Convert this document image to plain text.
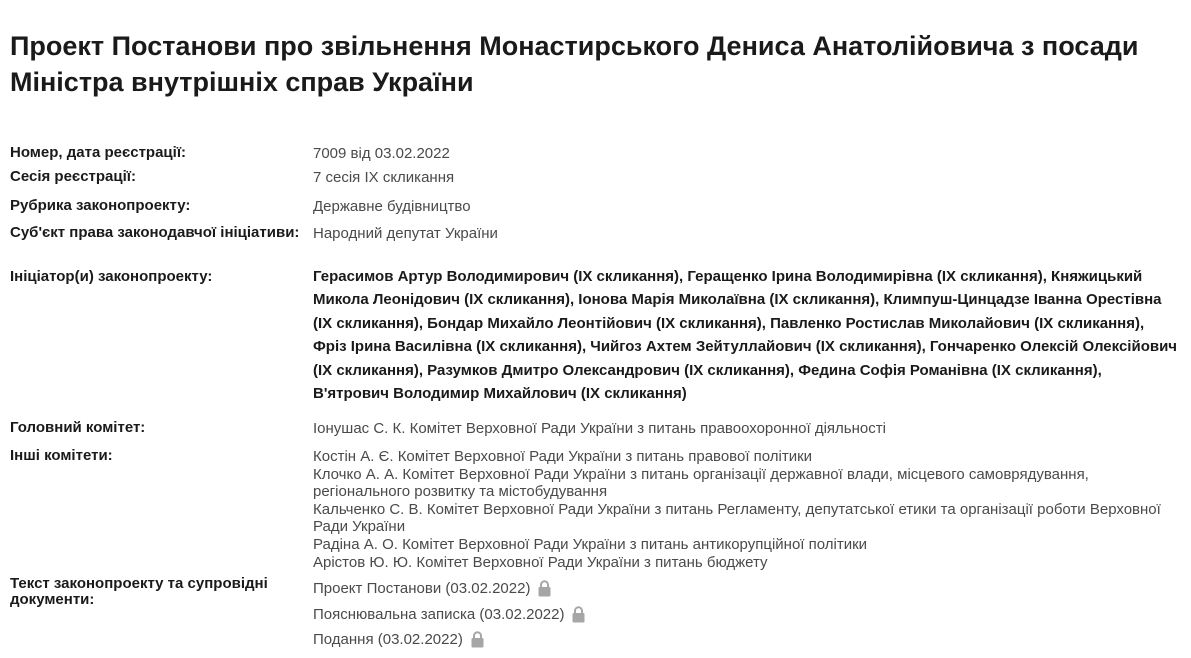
Проект Постанови про звільнення Монастирського Дениса Анатолійовича з посади Міністра внутрішніх справ України
Номер, дата реєстрації:	7009 від 03.02.2022
Сесія реєстрації:	7 сесія IX скликання
Рубрика законопроекту:	Державне будівництво
Суб'єкт права законодавчої ініціативи: Народний депутат України
Ініціатор(и) законопроекту:	Герасимов Артур Володимирович (IX скликання), Геращенко Ірина Володимирівна (IX скликання), Княжицький Микола Леонідович (IX скликання), Іонова Марія Миколаївна (IX скликання), Климпуш-Цинцадзе Іванна Орестівна (IX скликання), Бондар Михайло Леонтійович (IX скликання), Павленко Ростислав Миколайович (IX скликання), Фріз Ірина Василівна (IX скликання), Чийгоз Ахтем Зейтуллайович (IX скликання), Гончаренко Олексій Олексійович (IX скликання), Разумков Дмитро Олександрович (IX скликання), Федина Софія Романівна (IX скликання), В'ятрович Володимир Михайлович (IX скликання)
Головний комітет:	Іонушас С. К. Комітет Верховної Ради України з питань правоохоронної діяльності
Інші комітети:	Костін А. Є. Комітет Верховної Ради України з питань правової політики
Клочко А. А. Комітет Верховної Ради України з питань організації державної влади, місцевого самоврядування, регіонального розвитку та містобудування
Кальченко С. В. Комітет Верховної Ради України з питань Регламенту, депутатської етики та організації роботи Верховної Ради України
Радіна А. О. Комітет Верховної Ради України з питань антикорупційної політики
Арістов Ю. Ю. Комітет Верховної Ради України з питань бюджету
Текст законопроекту та супровідні документи:
Проект Постанови (03.02.2022)
Пояснювальна записка (03.02.2022)
Подання (03.02.2022)
